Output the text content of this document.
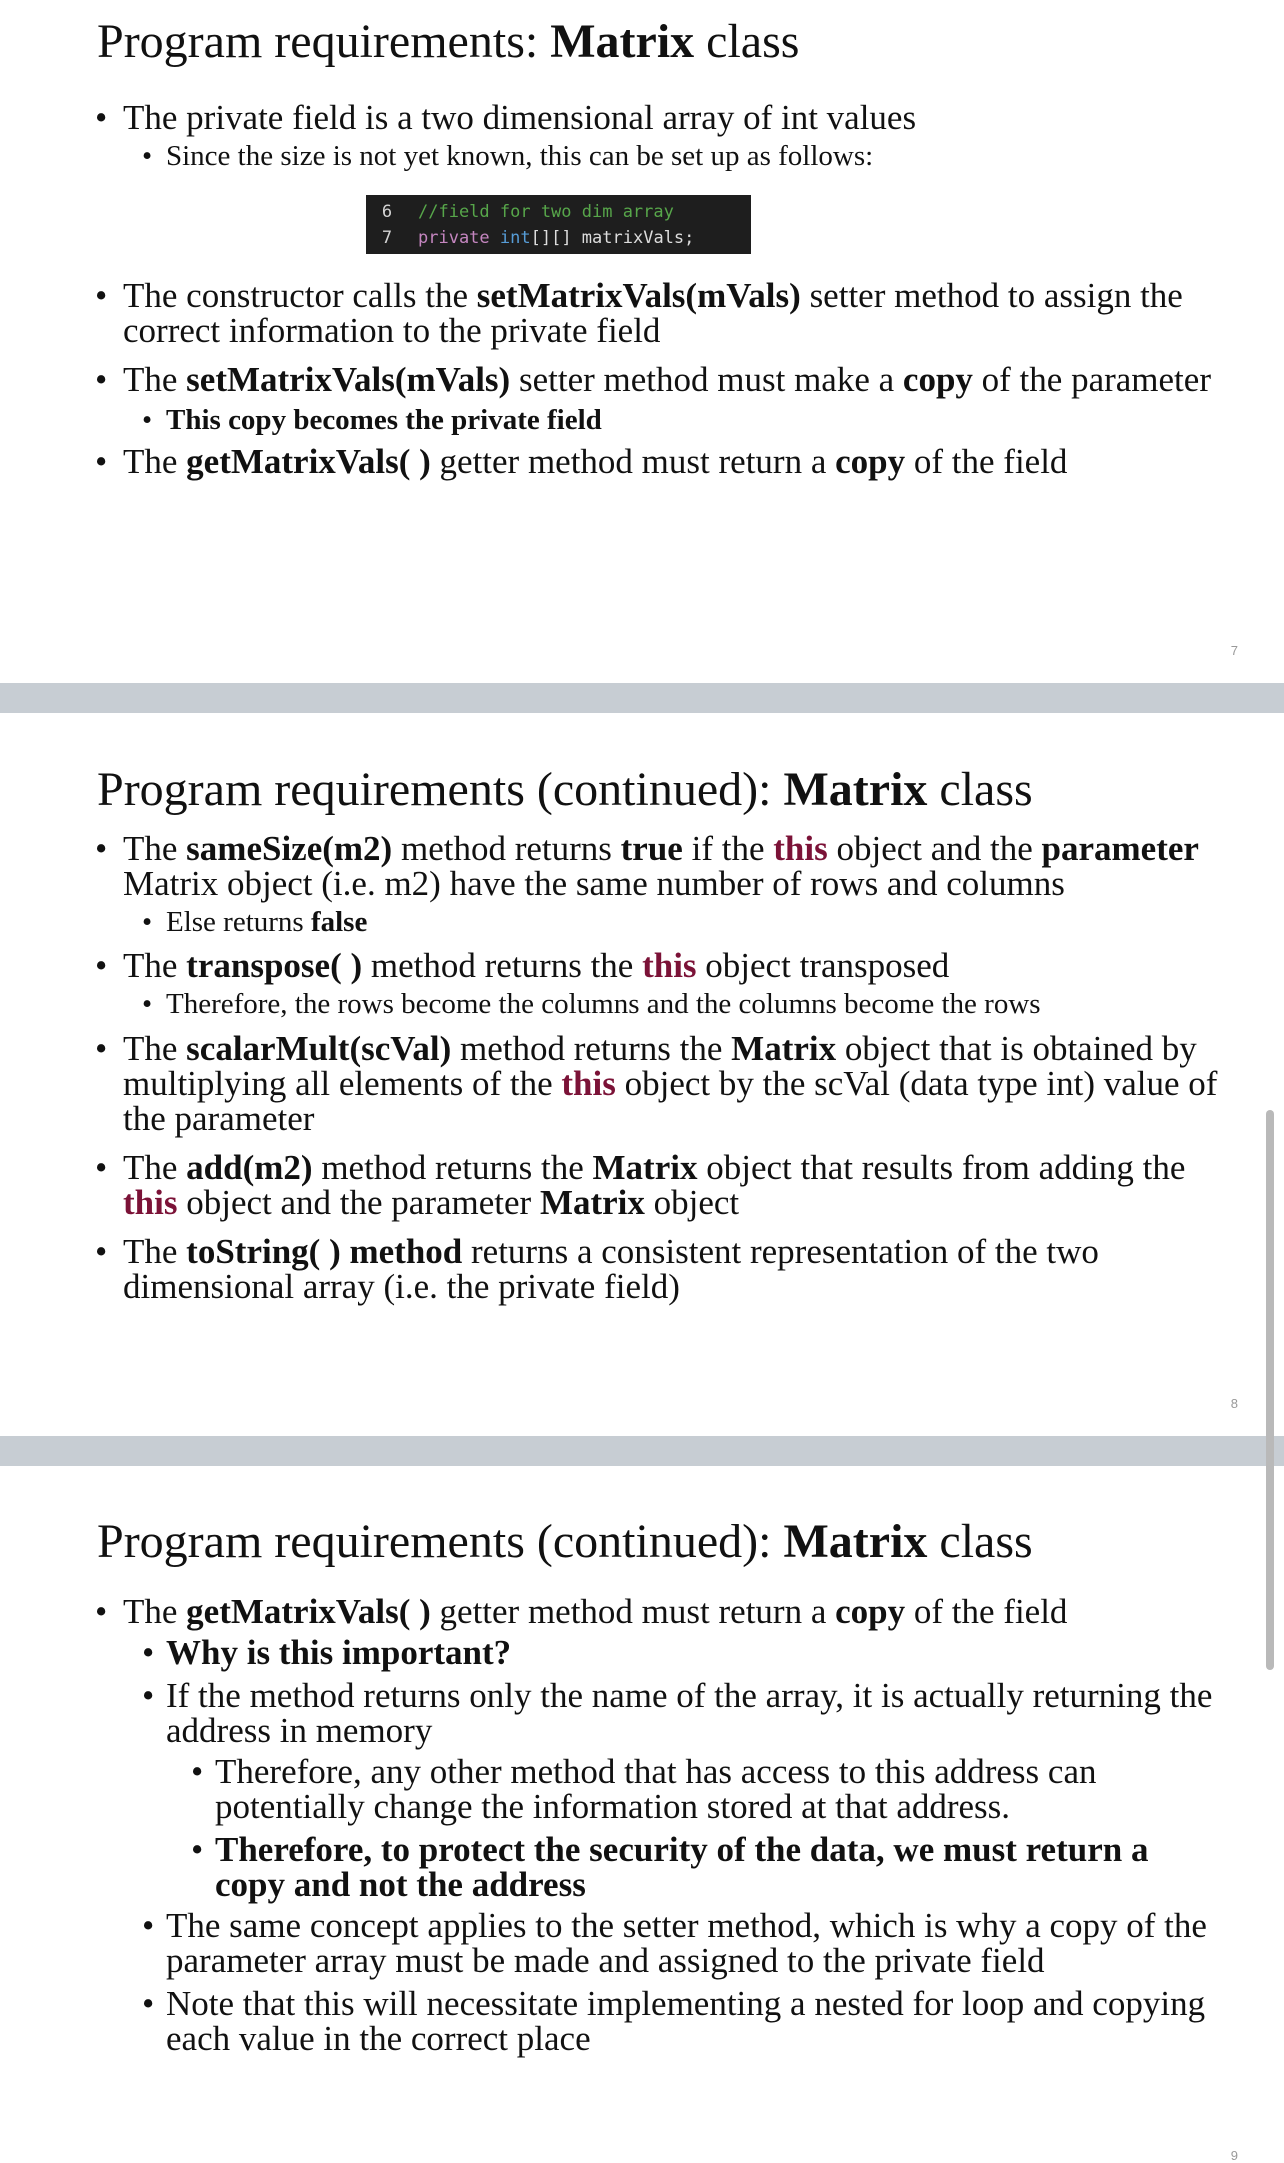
Program requirements: Matrix class
• The private field is a two dimensional array of int values
• Since the size is not yet known, this can be set up as follows:
6	//field for two dim array
7	private int[][] matrixVals;
• The constructor calls the setMatrixVals(mVals) setter method to assign the correct information to the private field
• The setMatrixVals(mVals) setter method must make a copy of the parameter
• This copy becomes the private field
• The getMatrixVals( ) getter method must return a copy of the field
7
Program requirements (continued): Matrix class
• The sameSize(m2) method returns true if the this object and the parameter Matrix object (i.e. m2) have the same number of rows and columns
• Else returns false
• The transpose( ) method returns the this object transposed
• Therefore, the rows become the columns and the columns become the rows
• The scalarMult(scVal) method returns the Matrix object that is obtained by multiplying all elements of the this object by the scVal (data type int) value of the parameter
• The add(m2) method returns the Matrix object that results from adding the this object and the parameter Matrix object
• The toString( ) method returns a consistent representation of the two dimensional array (i.e. the private field)
8
Program requirements (continued): Matrix class
• The getMatrixVals( ) getter method must return a copy of the field
• Why is this important?
• If the method returns only the name of the array, it is actually returning the address in memory
• Therefore, any other method that has access to this address can potentially change the information stored at that address.
• Therefore, to protect the security of the data, we must return a copy and not the address
• The same concept applies to the setter method, which is why a copy of the parameter array must be made and assigned to the private field
• Note that this will necessitate implementing a nested for loop and copying each value in the correct place
9
